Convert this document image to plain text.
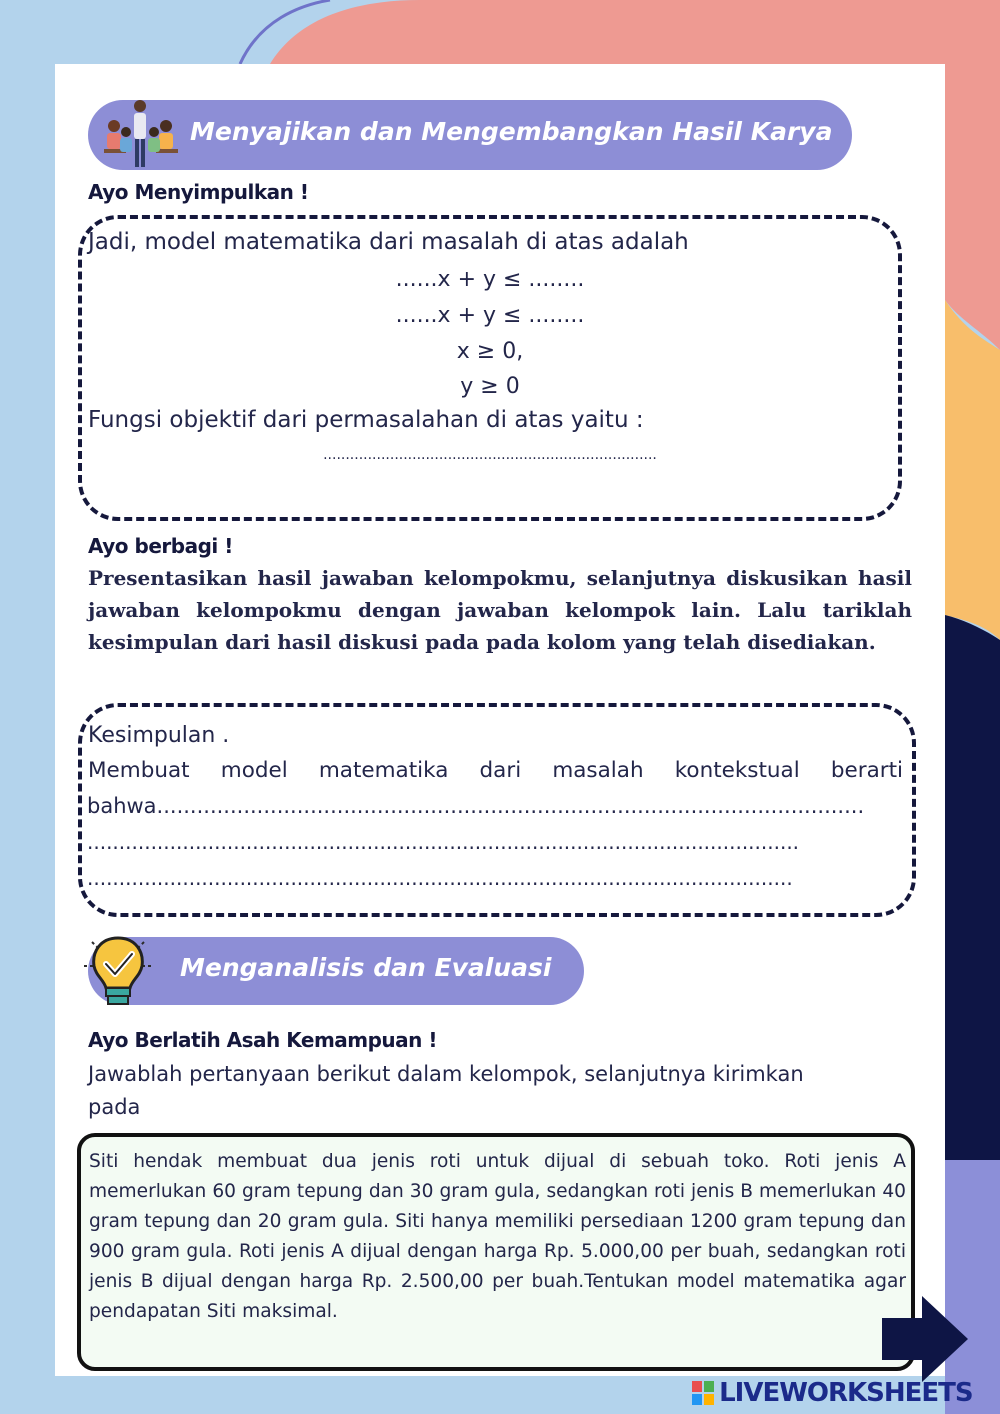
Menyajikan dan Mengembangkan Hasil Karya
Ayo Menyimpulkan !
Jadi, model matematika dari masalah di atas adalah
......x + y ≤ ........
......x + y ≤ ........
x ≥ 0,
y ≥ 0
Fungsi objektif dari permasalahan di atas yaitu :
...........................................................................
Ayo berbagi !
Presentasikan hasil jawaban kelompokmu, selanjutnya diskusikan hasil
jawaban kelompokmu dengan jawaban kelompok lain. Lalu tariklah
kesimpulan dari hasil diskusi pada pada kolom yang telah disediakan.
Kesimpulan .
Membuat model matematika dari masalah kontekstual berarti
bahwa..........................................................................................................
................................................................................................................
...............................................................................................................
Menganalisis dan Evaluasi
Ayo Berlatih Asah Kemampuan !
Jawablah pertanyaan berikut dalam kelompok, selanjutnya kirimkan
pada
Siti hendak membuat dua jenis roti untuk dijual di sebuah toko. Roti jenis A memerlukan 60 gram tepung dan 30 gram gula, sedangkan roti jenis B memerlukan 40 gram tepung dan 20 gram gula. Siti hanya memiliki persediaan 1200 gram tepung dan 900 gram gula. Roti jenis A dijual dengan harga Rp. 5.000,00 per buah, sedangkan roti jenis B dijual dengan harga Rp. 2.500,00 per buah.Tentukan model matematika agar pendapatan Siti maksimal.
LIVEWORKSHEETS
